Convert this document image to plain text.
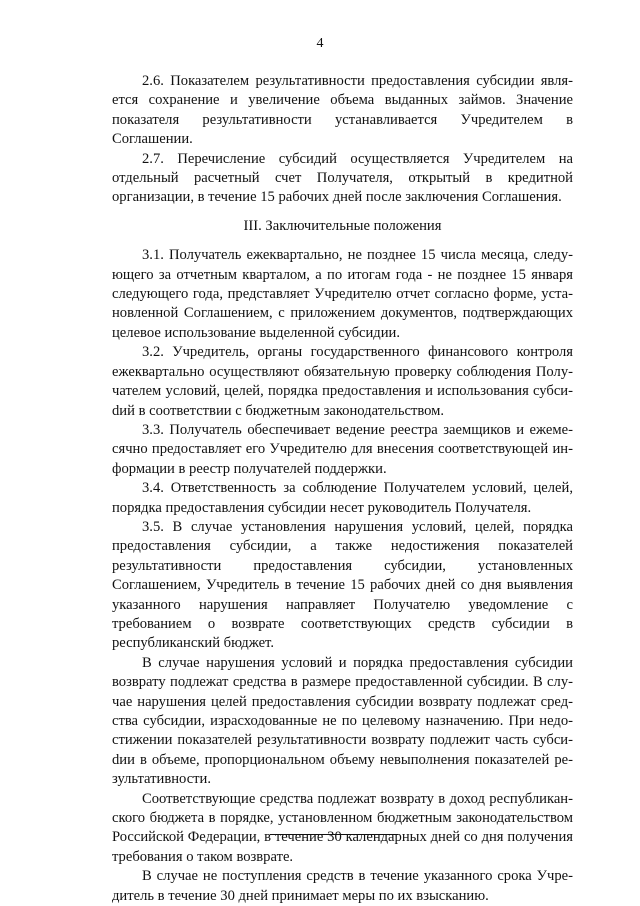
4

2.6. Показателем результативности предоставления субсидии является сохранение и увеличение объема выданных займов. Значение показателя результативности устанавливается Учредителем в Соглашении.

2.7. Перечисление субсидий осуществляется Учредителем на отдельный расчетный счет Получателя, открытый в кредитной организации, в течение 15 рабочих дней после заключения Соглашения.

III. Заключительные положения

3.1. Получатель ежеквартально, не позднее 15 числа месяца, следующего за отчетным кварталом, а по итогам года - не позднее 15 января следующего года, представляет Учредителю отчет согласно форме, установленной Соглашением, с приложением документов, подтверждающих целевое использование выделенной субсидии.

3.2. Учредитель, органы государственного финансового контроля ежеквартально осуществляют обязательную проверку соблюдения Получателем условий, целей, порядка предоставления и использования субсиdий в соответствии с бюджетным законодательством.

3.3. Получатель обеспечивает ведение реестра заемщиков и ежемесячно предоставляет его Учредителю для внесения соответствующей информации в реестр получателей поддержки.

3.4. Ответственность за соблюдение Получателем условий, целей, порядка предоставления субсидии несет руководитель Получателя.

3.5. В случае установления нарушения условий, целей, порядка предоставления субсидии, а также недостижения показателей результативности предоставления субсидии, установленных Соглашением, Учредитель в течение 15 рабочих дней со дня выявления указанного нарушения направляет Получателю уведомление с требованием о возврате соответствующих средств субсидии в республиканский бюджет.

В случае нарушения условий и порядка предоставления субсидии возврату подлежат средства в размере предоставленной субсидии. В случае нарушения целей предоставления субсидии возврату подлежат средства субсидии, израсходованные не по целевому назначению. При недостижении показателей результативности возврату подлежит часть субсиdии в объеме, пропорциональном объему невыполнения показателей результативности.

Соответствующие средства подлежат возврату в доход республиканского бюджета в порядке, установленном бюджетным законодательством Российской Федерации, в течение 30 календарных дней со дня получения требования о таком возврате.

В случае не поступления средств в течение указанного срока Учредитель в течение 30 дней принимает меры по их взысканию.
